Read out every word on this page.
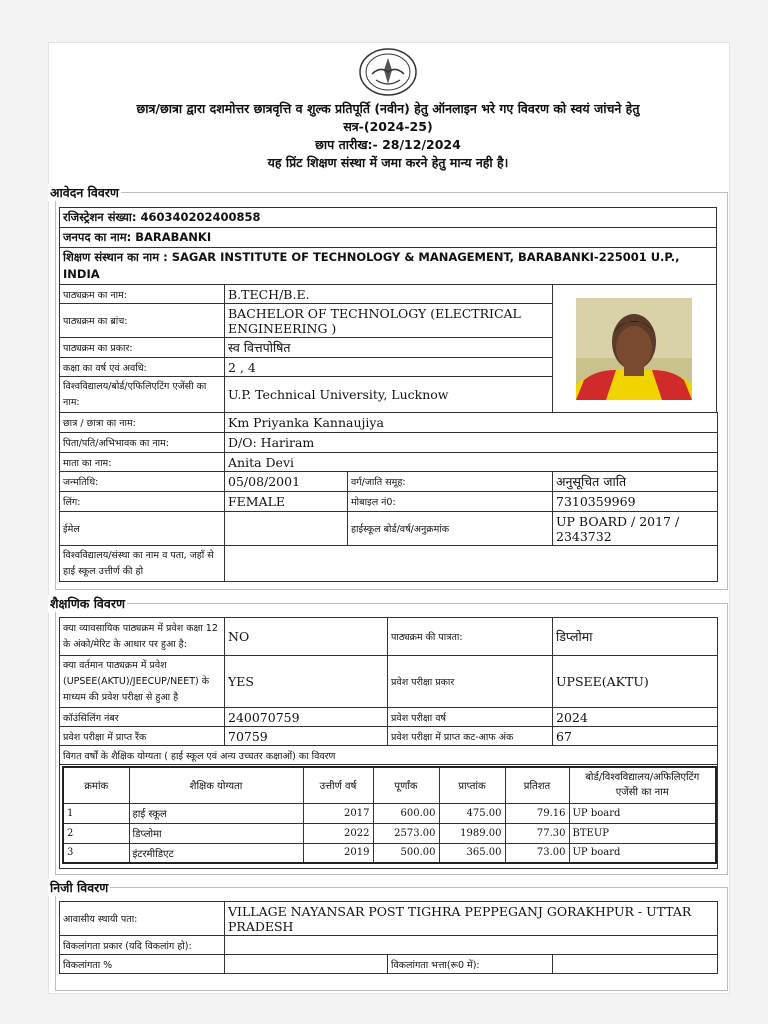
छात्र/छात्रा द्वारा दशमोत्तर छात्रवृत्ति व शुल्क प्रतिपूर्ति (नवीन) हेतु ऑनलाइन भरे गए विवरण को स्वयं जांचने हेतु
सत्र-(2024-25)
छाप तारीख:- 28/12/2024
यह प्रिंट शिक्षण संस्था में जमा करने हेतु मान्य नही है।
आवेदन विवरण
रजिस्ट्रेशन संख्या: 460340202400858
जनपद का नाम: BARABANKI
शिक्षण संस्थान का नाम : SAGAR INSTITUTE OF TECHNOLOGY & MANAGEMENT, BARABANKI-225001 U.P., INDIA
पाठ्यक्रम का नाम:	B.TECH/B.E.
पाठ्यक्रम का ब्रांच:	BACHELOR OF TECHNOLOGY (ELECTRICAL ENGINEERING )
पाठ्यक्रम का प्रकार:	स्व वित्तपोषित
कक्षा का वर्ष एवं अवधि:	2 , 4
विश्वविद्यालय/बोर्ड/एफिलिएटिंग एजेंसी का नाम:	U.P. Technical University, Lucknow
छात्र / छात्रा का नाम:	Km Priyanka Kannaujiya		
पिता/पति/अभिभावक का नाम:	D/O: Hariram		
माता का नाम:	Anita Devi		
जन्मतिथि:	05/08/2001	वर्ग/जाति समूह:	अनुसूचित जाति
लिंग:	FEMALE	मोबाइल नं0:	7310359969
ईमेल		हाईस्कूल बोर्ड/वर्ष/अनुक्रमांक	UP BOARD / 2017 / 2343732
विश्वविद्यालय/संस्था का नाम व पता, जहाँ से हाई स्कूल उत्तीर्ण की हो			
शैक्षणिक विवरण
क्या व्यावसायिक पाठ्यक्रम में प्रवेश कक्षा 12 के अंको/मेरिट के आधार पर हुआ है:	NO	पाठ्यक्रम की पात्रता:	डिप्लोमा
क्या वर्तमान पाठ्यक्रम में प्रवेश (UPSEE(AKTU)/JEECUP/NEET) के माध्यम की प्रवेश परीक्षा से हुआ है	YES	प्रवेश परीक्षा प्रकार	UPSEE(AKTU)
कॉउंसिलिंग नंबर	240070759	प्रवेश परीक्षा वर्ष	2024
प्रवेश परीक्षा में प्राप्त रैंक	70759	प्रवेश परीक्षा में प्राप्त कट-आफ अंक	67
विगत वर्षों के शैक्षिक योग्यता ( हाई स्कूल एवं अन्य उच्चतर कक्षाओं) का विवरण			

क्रमांक	शैक्षिक योग्यता	उत्तीर्ण वर्ष	पूर्णांक	प्राप्तांक	प्रतिशत	बोर्ड/विश्वविद्यालय/अफिलिएटिंग एजेंसी का नाम
1	हाई स्कूल	2017	600.00	475.00	79.16	UP board
2	डिप्लोमा	2022	2573.00	1989.00	77.30	BTEUP
3	इंटरमीडिएट	2019	500.00	365.00	73.00	UP board
निजी विवरण
आवासीय स्थायी पता:	VILLAGE NAYANSAR POST TIGHRA PEPPEGANJ GORAKHPUR - UTTAR PRADESH		
विकलांगता प्रकार (यदि विकलांग हो):			
विकलांगता %		विकलांगता भत्ता(रू0 में):	
